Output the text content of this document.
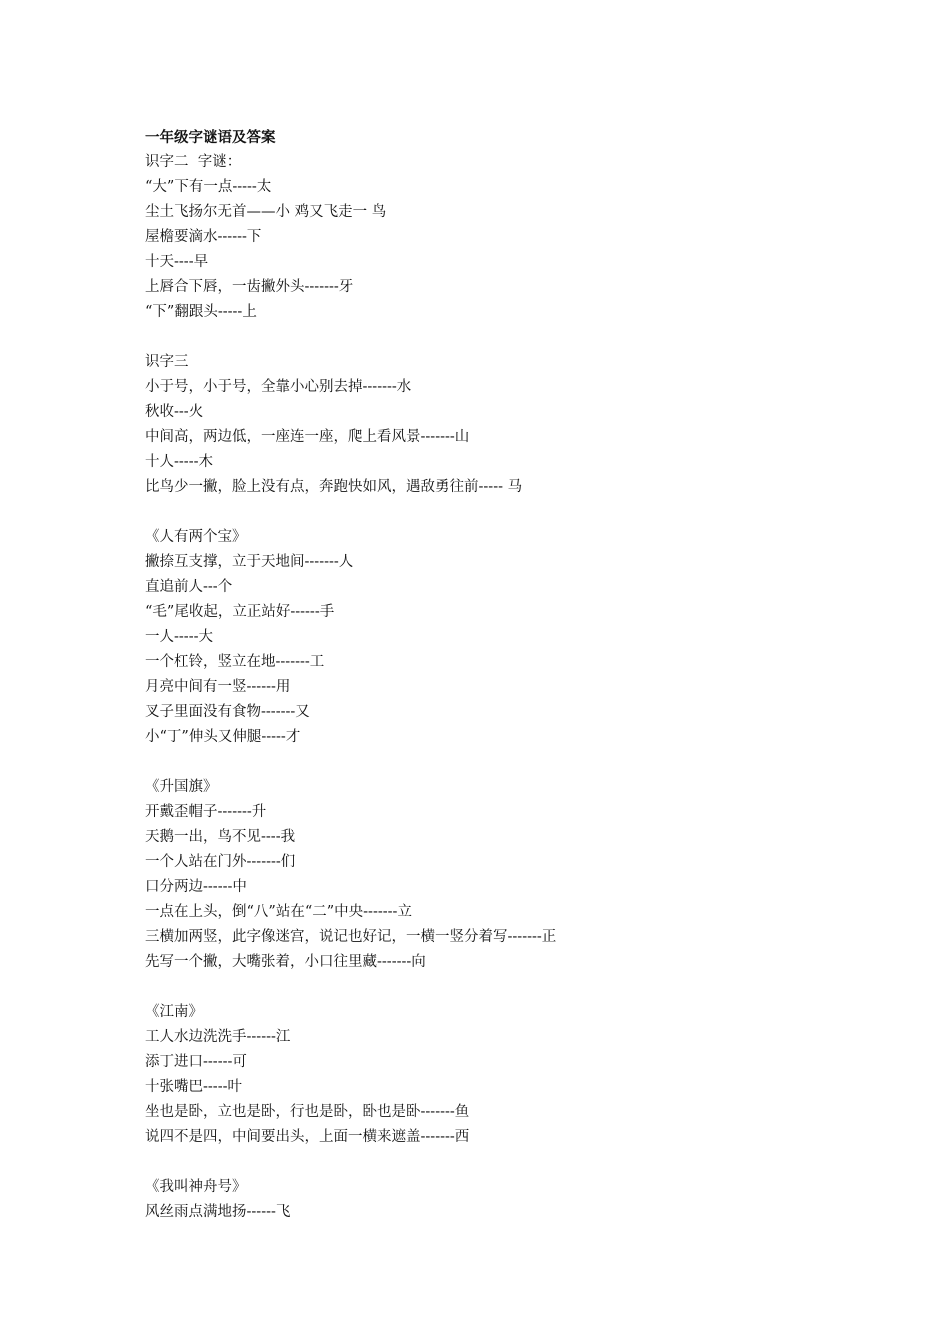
一年级字谜语及答案
识字二  字谜：
“大”下有一点-----太
尘土飞扬尔无首——小 鸡又飞走一 鸟
屋檐要滴水------下
十天----早
上唇合下唇，一齿撇外头-------牙
“下”翻跟头-----上
识字三
小于号，小于号，全靠小心别去掉-------水
秋收---火
中间高，两边低，一座连一座，爬上看风景-------山
十人-----木
比鸟少一撇，脸上没有点，奔跑快如风，遇敌勇往前----- 马
《人有两个宝》
撇捺互支撑，立于天地间-------人
直追前人---个
“毛”尾收起，立正站好------手
一人-----大
一个杠铃，竖立在地-------工
月亮中间有一竖------用
叉子里面没有食物-------又
小“丁”伸头又伸腿-----才
《升国旗》
开戴歪帽子-------升
天鹅一出，鸟不见----我
一个人站在门外-------们
口分两边------中
一点在上头，倒“八”站在“二”中央-------立
三横加两竖，此字像迷宫，说记也好记，一横一竖分着写-------正
先写一个撇，大嘴张着，小口往里藏-------向
《江南》
工人水边洗洗手------江
添丁进口------可
十张嘴巴-----叶
坐也是卧，立也是卧，行也是卧，卧也是卧-------鱼
说四不是四，中间要出头，上面一横来遮盖-------西
《我叫神舟号》
风丝雨点满地扬------飞
